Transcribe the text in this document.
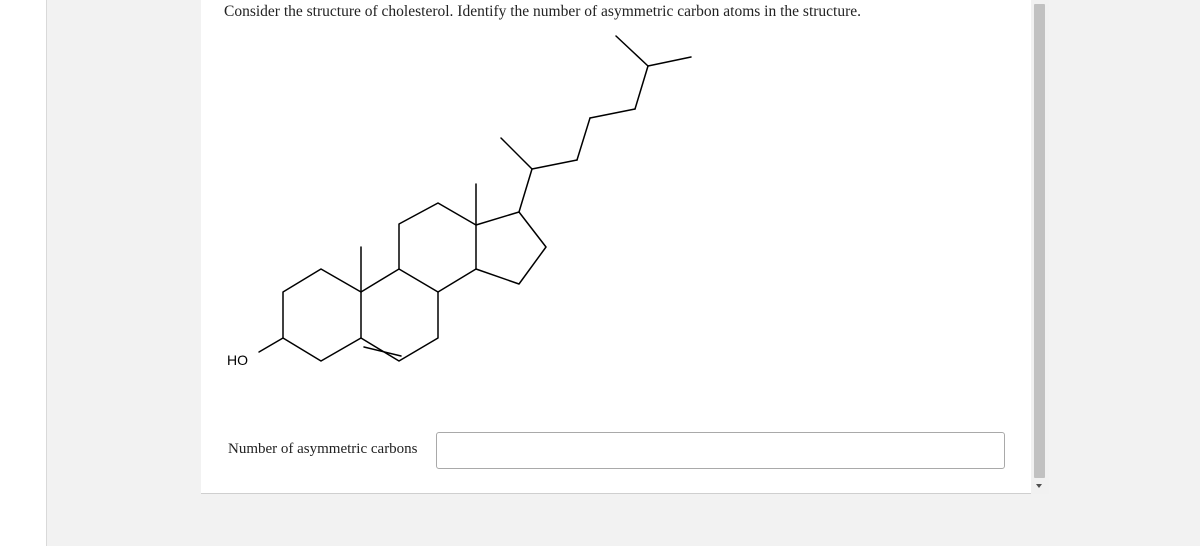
Consider the structure of cholesterol. Identify the number of asymmetric carbon atoms in the structure.

HO
Number of asymmetric carbons
